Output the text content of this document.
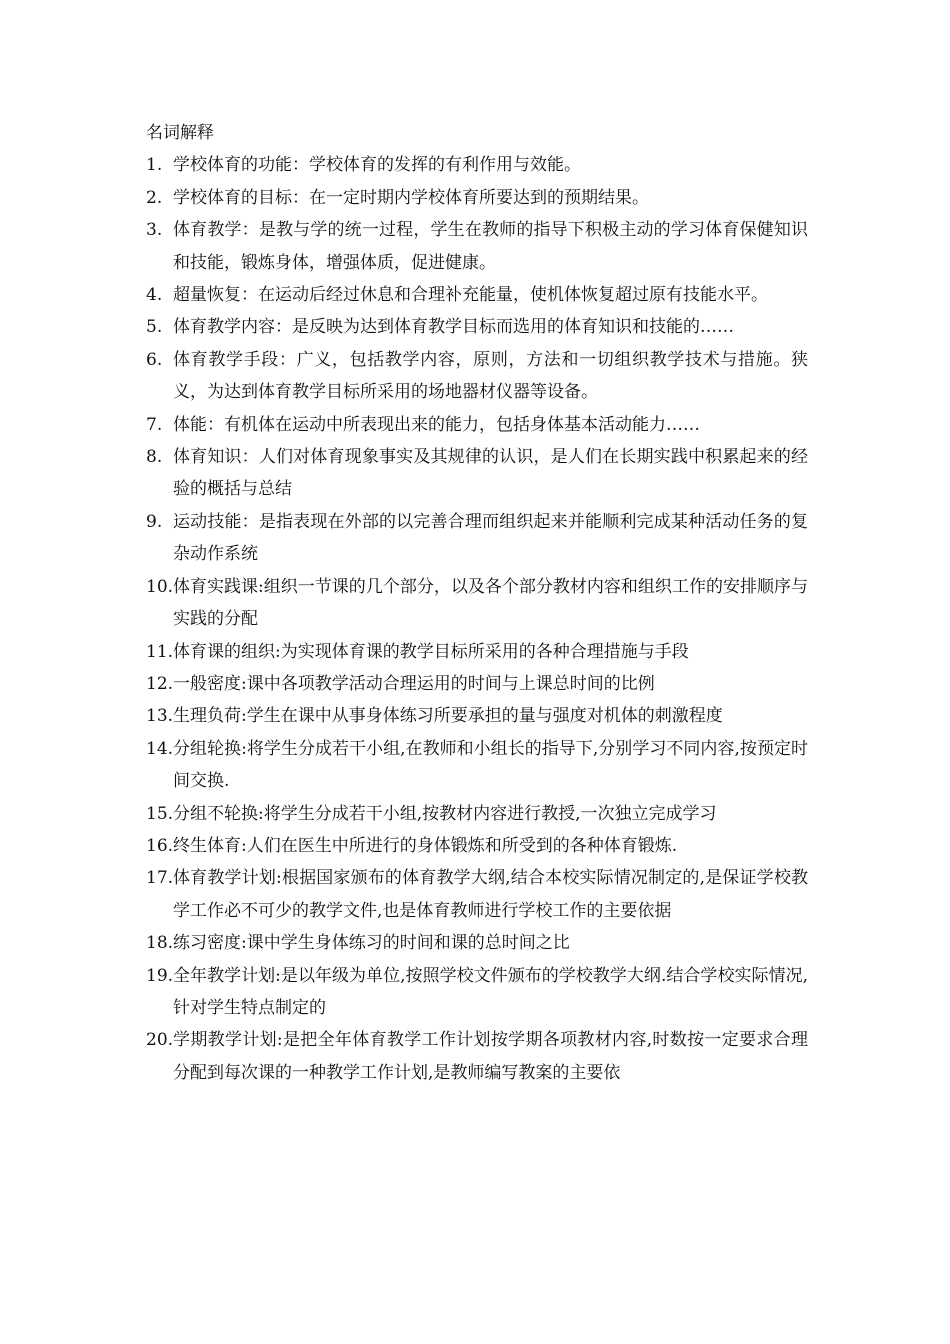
名词解释
1. 学校体育的功能：学校体育的发挥的有利作用与效能。
2. 学校体育的目标：在一定时期内学校体育所要达到的预期结果。
3. 体育教学：是教与学的统一过程，学生在教师的指导下积极主动的学习体育保健知识和技能，锻炼身体，增强体质，促进健康。
4. 超量恢复：在运动后经过休息和合理补充能量，使机体恢复超过原有技能水平。
5. 体育教学内容：是反映为达到体育教学目标而选用的体育知识和技能的……
6. 体育教学手段：广义，包括教学内容，原则，方法和一切组织教学技术与措施。狭义，为达到体育教学目标所采用的场地器材仪器等设备。
7. 体能：有机体在运动中所表现出来的能力，包括身体基本活动能力……
8. 体育知识：人们对体育现象事实及其规律的认识，是人们在长期实践中积累起来的经验的概括与总结
9. 运动技能：是指表现在外部的以完善合理而组织起来并能顺利完成某种活动任务的复杂动作系统
10. 体育实践课:组织一节课的几个部分，以及各个部分教材内容和组织工作的安排顺序与实践的分配
11. 体育课的组织:为实现体育课的教学目标所采用的各种合理措施与手段
12. 一般密度:课中各项教学活动合理运用的时间与上课总时间的比例
13. 生理负荷:学生在课中从事身体练习所要承担的量与强度对机体的刺激程度
14. 分组轮换:将学生分成若干小组,在教师和小组长的指导下,分别学习不同内容,按预定时间交换.
15. 分组不轮换:将学生分成若干小组,按教材内容进行教授,一次独立完成学习
16. 终生体育:人们在医生中所进行的身体锻炼和所受到的各种体育锻炼.
17. 体育教学计划:根据国家颁布的体育教学大纲,结合本校实际情况制定的,是保证学校教学工作必不可少的教学文件,也是体育教师进行学校工作的主要依据
18. 练习密度:课中学生身体练习的时间和课的总时间之比
19. 全年教学计划:是以年级为单位,按照学校文件颁布的学校教学大纲.结合学校实际情况,针对学生特点制定的
20. 学期教学计划:是把全年体育教学工作计划按学期各项教材内容,时数按一定要求合理分配到每次课的一种教学工作计划,是教师编写教案的主要依
